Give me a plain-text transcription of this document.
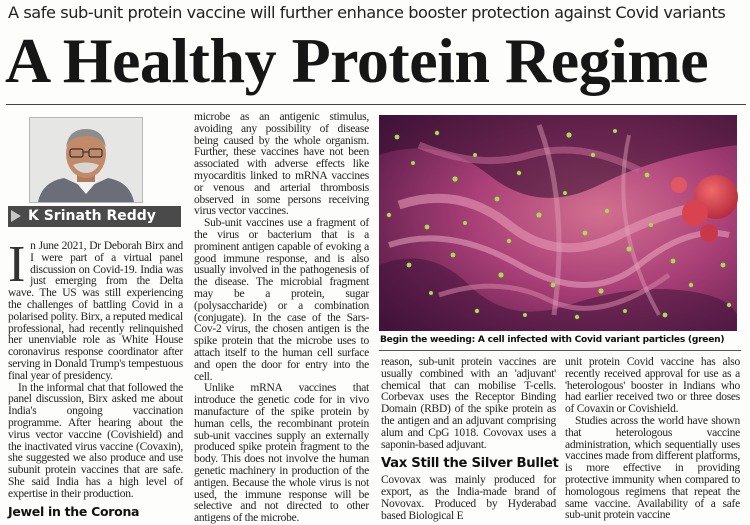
A safe sub-unit protein vaccine will further enhance booster protection against Covid variants
A Healthy Protein Regime
K Srinath Reddy

In June 2021, Dr Deborah Birx and I were part of a virtual panel discussion on Covid-19. India was just emerging from the Delta wave. The US was still experiencing the challenges of battling Covid in a polarised polity. Birx, a reputed medical professional, had recently relinquished her unenviable role as White House coronavirus response coordinator after serving in Donald Trump's tempestuous final year of presidency.

In the informal chat that followed the panel discussion, Birx asked me about India's ongoing vaccination programme. After hearing about the virus vector vaccine (Covishield) and the inactivated virus vaccine (Covaxin), she suggested we also produce and use subunit protein vaccines that are safe. She said India has a high level of expertise in their production.

Jewel in the Corona

microbe as an antigenic stimulus, avoiding any possibility of disease being caused by the whole organism. Further, these vaccines have not been associated with adverse effects like myocarditis linked to mRNA vaccines or venous and arterial thrombosis observed in some persons receiving virus vector vaccines.

Sub-unit vaccines use a fragment of the virus or bacterium that is a prominent antigen capable of evoking a good immune response, and is also usually involved in the pathogenesis of the disease. The microbial fragment may be a protein, sugar (polysaccharide) or a combination (conjugate). In the case of the Sars-Cov-2 virus, the chosen antigen is the spike protein that the microbe uses to attach itself to the human cell surface and open the door for entry into the cell.

Unlike mRNA vaccines that introduce the genetic code for in vivo manufacture of the spike protein by human cells, the recombinant protein sub-unit vaccines supply an externally produced spike protein fragment to the body. This does not involve the human genetic machinery in production of the antigen. Because the whole virus is not used, the immune response will be selective and not directed to other antigens of the microbe.

Begin the weeding: A cell infected with Covid variant particles (green)

reason, sub-unit protein vaccines are usually combined with an 'adjuvant' chemical that can mobilise T-cells. Corbevax uses the Receptor Binding Domain (RBD) of the spike protein as the antigen and an adjuvant comprising alum and CpG 1018. Covovax uses a saponin-based adjuvant.

Vax Still the Silver Bullet

Covovax was mainly produced for export, as the India-made brand of Novovax. Produced by Hyderabad based Biological E

unit protein Covid vaccine has also recently received approval for use as a 'heterologous' booster in Indians who had earlier received two or three doses of Covaxin or Covishield.

Studies across the world have shown that heterologous vaccine administration, which sequentially uses vaccines made from different platforms, is more effective in providing protective immunity when compared to homologous regimens that repeat the same vaccine. Availability of a safe sub-unit protein vaccine
